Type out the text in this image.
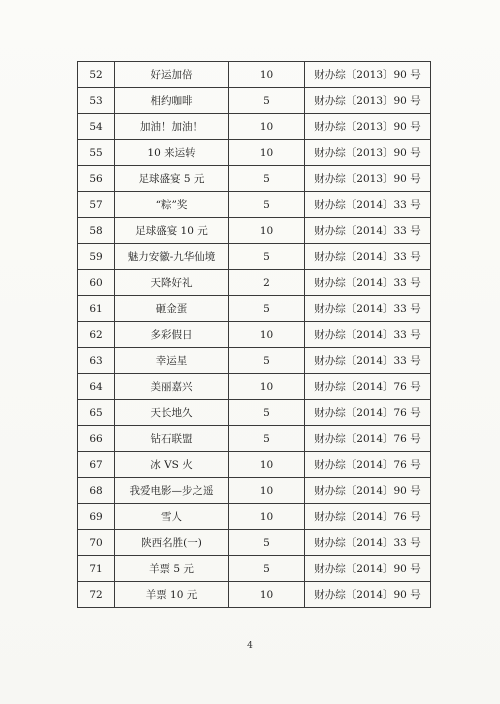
52	好运加倍	10	财办综〔2013〕90 号
53	相约咖啡	5	财办综〔2013〕90 号
54	加油！加油！	10	财办综〔2013〕90 号
55	10 来运转	10	财办综〔2013〕90 号
56	足球盛宴 5 元	5	财办综〔2013〕90 号
57	“粽”奖	5	财办综〔2014〕33 号
58	足球盛宴 10 元	10	财办综〔2014〕33 号
59	魅力安徽-九华仙境	5	财办综〔2014〕33 号
60	天降好礼	2	财办综〔2014〕33 号
61	砸金蛋	5	财办综〔2014〕33 号
62	多彩假日	10	财办综〔2014〕33 号
63	幸运星	5	财办综〔2014〕33 号
64	美丽嘉兴	10	财办综〔2014〕76 号
65	天长地久	5	财办综〔2014〕76 号
66	钻石联盟	5	财办综〔2014〕76 号
67	冰 VS 火	10	财办综〔2014〕76 号
68	我爱电影—步之遥	10	财办综〔2014〕90 号
69	雪人	10	财办综〔2014〕76 号
70	陕西名胜(一)	5	财办综〔2014〕33 号
71	羊票 5 元	5	财办综〔2014〕90 号
72	羊票 10 元	10	财办综〔2014〕90 号
4
